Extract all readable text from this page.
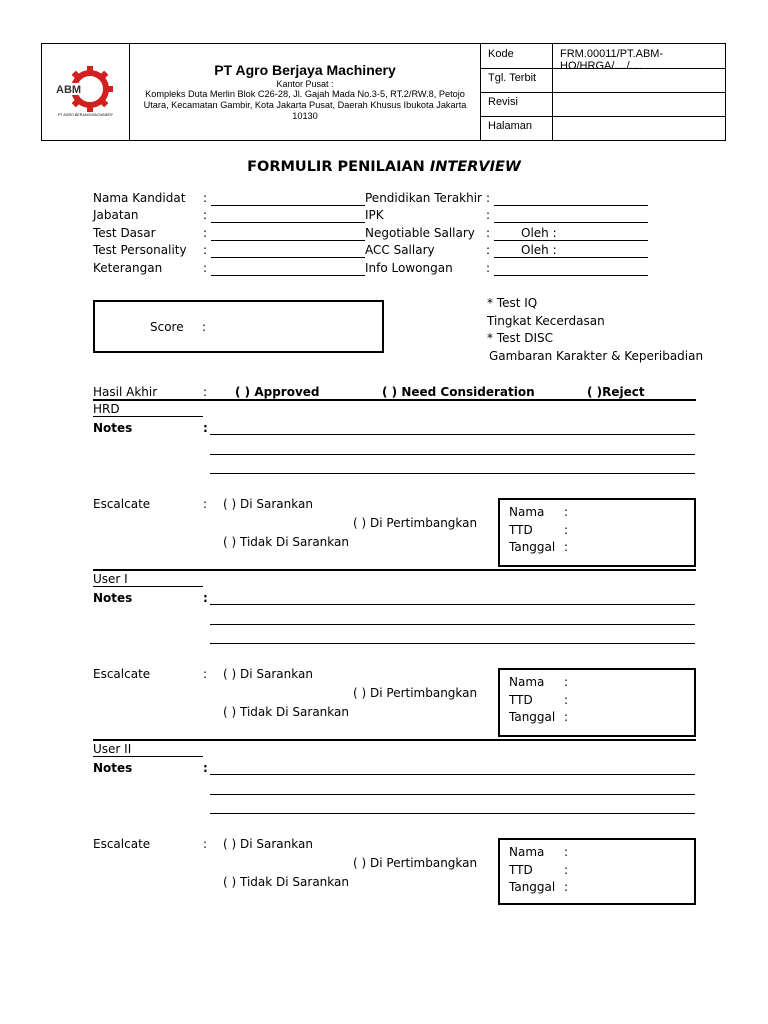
ABM
PT AGRO BERJAYA MACHINERY
PT Agro Berjaya Machinery
Kantor Pusat :
Kompleks Duta Merlin Blok C26-28, Jl. Gajah Mada No.3-5, RT.2/RW.8, Petojo Utara, Kecamatan Gambir, Kota Jakarta Pusat, Daerah Khusus Ibukota Jakarta 10130
Kode	FRM.00011/PT.ABM-HO/HRGA/..../....
Tgl. Terbit
Revisi
Halaman
FORMULIR PENILAIAN INTERVIEW
Nama Kandidat :	Pendidikan Terakhir :
Jabatan	:	IPK	:
Test Dasar	:	Negotiable Sallary :	Oleh :
Test Personality :	ACC Sallary	:	Oleh :
Keterangan	:	Info Lowongan	:
Score :
* Test IQ
Tingkat Kecerdasan
* Test DISC
Gambaran Karakter & Keperibadian
Hasil Akhir	: ( ) Approved	( ) Need Consideration	( )Reject
HRD
Notes	:
Escalcate	: ( ) Di Sarankan
( ) Di Pertimbangkan
( ) Tidak Di Sarankan
Nama :
TTD	:
Tanggal :
User I
Notes	:
Escalcate	: ( ) Di Sarankan
( ) Di Pertimbangkan
( ) Tidak Di Sarankan
Nama :
TTD	:
Tanggal :
User II
Notes	:
Escalcate	: ( ) Di Sarankan
( ) Di Pertimbangkan
( ) Tidak Di Sarankan
Nama :
TTD	:
Tanggal :
